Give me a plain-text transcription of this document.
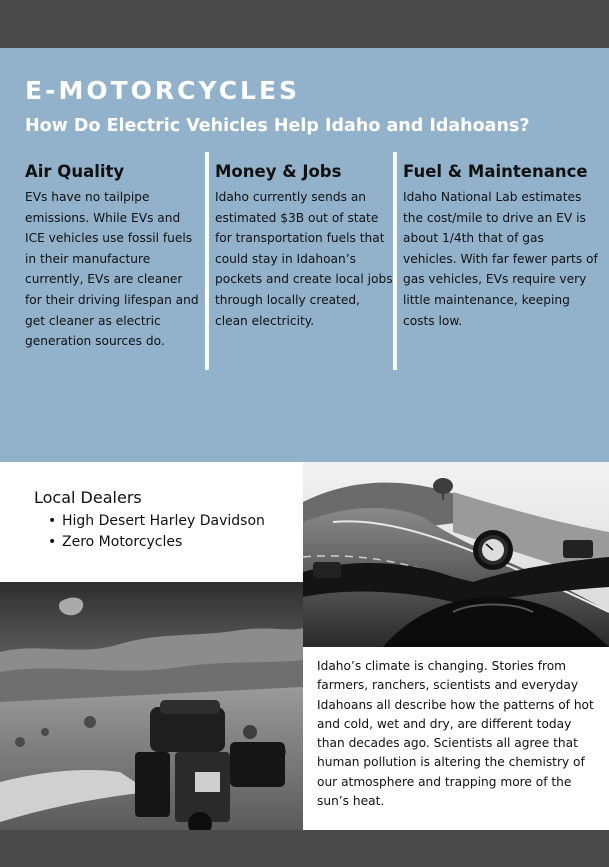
E-MOTORCYCLES
How Do Electric Vehicles Help Idaho and Idahoans?
Air Quality

EVs have no tailpipe emissions. While EVs and ICE vehicles use fossil fuels in their manufacture currently, EVs are cleaner for their driving lifespan and get cleaner as electric generation sources do.

Money & Jobs

Idaho currently sends an estimated $3B out of state for transportation fuels that could stay in Idahoan’s pockets and create local jobs through locally created, clean electricity.

Fuel & Maintenance

Idaho National Lab estimates the cost/mile to drive an EV is about 1/4th that of gas vehicles. With far fewer parts of gas vehicles, EVs require very little maintenance, keeping costs low.

Local Dealers
• High Desert Harley Davidson
• Zero Motorcycles
Idaho’s climate is changing. Stories from farmers, ranchers, scientists and everyday Idahoans all describe how the patterns of hot and cold, wet and dry, are different today than decades ago. Scientists all agree that human pollution is altering the chemistry of our atmosphere and trapping more of the sun’s heat.
